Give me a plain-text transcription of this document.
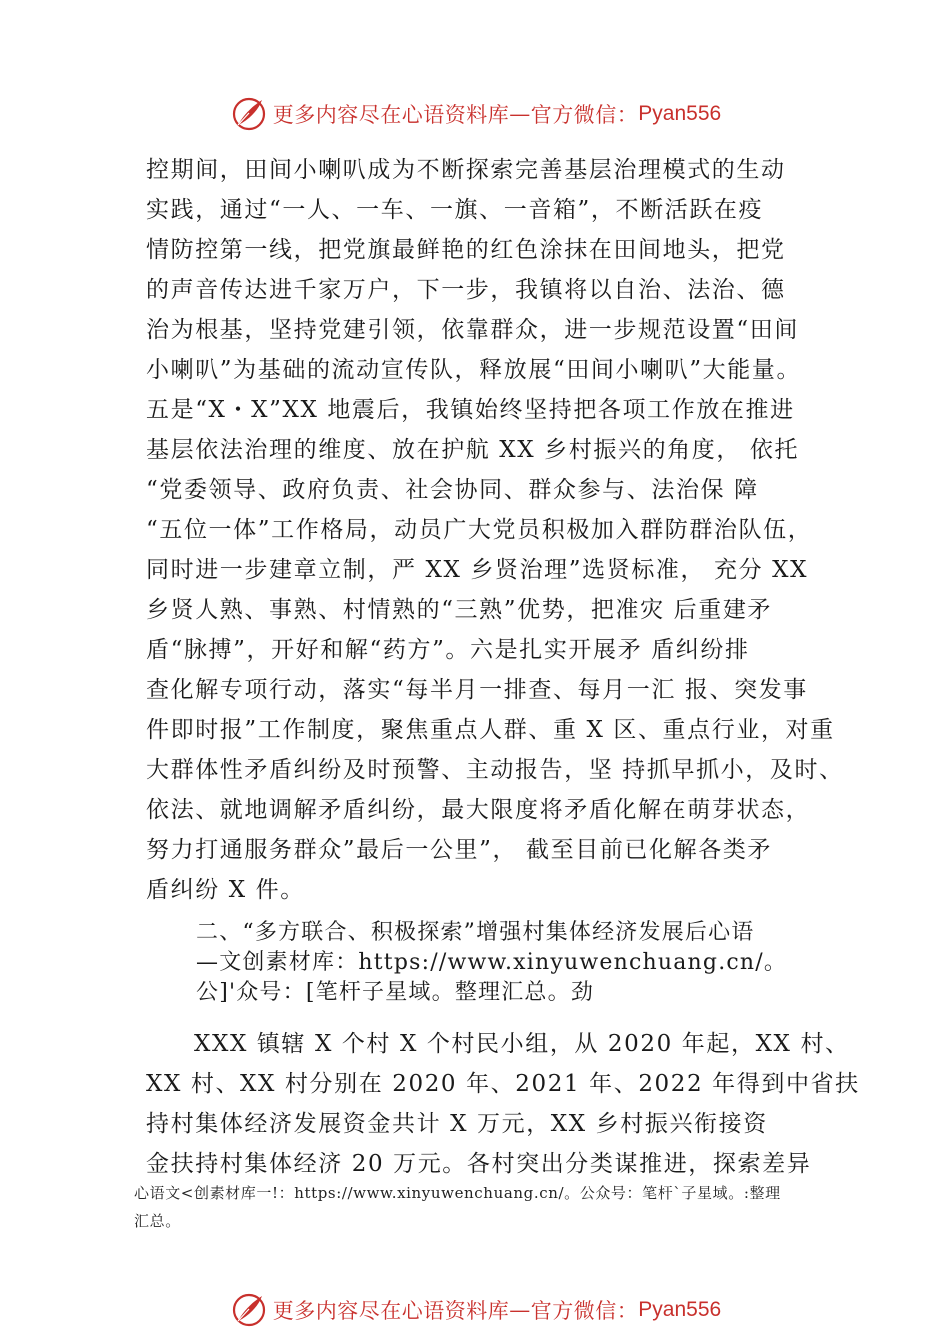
更多内容尽在心语资料库 — 官方微信： Pyan556
控期间，田间小喇叭成为不断探索完善基层治理模式的生动
实践，通过“一人、一车、一旗、一音箱”，不断活跃在疫
情防控第一线，把党旗最鲜艳的红色涂抹在田间地头，把党
的声音传达进千家万户，下一步，我镇将以自治、法治、德
治为根基，坚持党建引领，依靠群众，进一步规范设置“田间
小喇叭”为基础的流动宣传队，释放展“田间小喇叭”大能量。
五是“X・X”XX 地震后，我镇始终坚持把各项工作放在推进
基层依法治理的维度、放在护航 XX 乡村振兴的角度， 依托
“党委领导、政府负责、社会协同、群众参与、法治保 障
“五位一体”工作格局，动员广大党员积极加入群防群治队伍，
同时进一步建章立制，严 XX 乡贤治理”选贤标准， 充分 XX
乡贤人熟、事熟、村情熟的“三熟”优势，把准灾 后重建矛
盾“脉搏”，开好和解“药方”。六是扎实开展矛 盾纠纷排
查化解专项行动，落实“每半月一排查、每月一汇 报、突发事
件即时报”工作制度，聚焦重点人群、重 X 区、重点行业，对重
大群体性矛盾纠纷及时预警、主动报告，坚 持抓早抓小，及时、
依法、就地调解矛盾纠纷，最大限度将矛盾化解在萌芽状态，
努力打通服务群众”最后一公里”， 截至目前已化解各类矛
盾纠纷 X 件。
二、“多方联合、积极探索”增强村集体经济发展后心语
—文创素材库：https://www.xinyuwenchuang.cn/。
公]'众号：[笔杆子星域。整理汇总。劲
XXX 镇辖 X 个村 X 个村民小组，从 2020 年起，XX 村、
XX 村、XX 村分别在 2020 年、2021 年、2022 年得到中省扶
持村集体经济发展资金共计 X 万元，XX 乡村振兴衔接资
金扶持村集体经济 20 万元。各村突出分类谋推进，探索差异
心语文<创素材库一!：https://www.xinyuwenchuang.cn/。公众号：笔杆`子星域。:整理
汇总。
更多内容尽在心语资料库 — 官方微信： Pyan556
